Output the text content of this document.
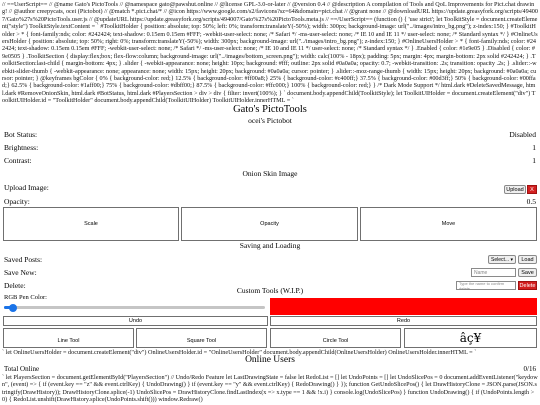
// ==UserScript== // @name Gato's PictoTools // @namespace gato@pawshut.online // @license GPL-3.0-or-later // @version 0.4 // @description A compilation of Tools and QoL Improvements for Pict.chat drawing! // @author creepycats, ocei (Pictobot) // @match *.pict.chat/* // @icon https://www.google.com/s2/favicons?sz=64&domain=pict.chat // @grant none // @downloadURL https://update.greasyfork.org/scripts/494007/Gato%27s%20PictoTools.user.js // @updateURL https://update.greasyfork.org/scripts/494007/Gato%27s%20PictoTools.meta.js // ==/UserScript== (function () { 'use strict'; let ToolkitStyle = document.createElement("style") ToolkitStyle.textContent = ` #ToolkitHolder { position: absolute; top: 50%; left: 0%; transform:translateY(-50%); width: 300px; background-image: url("../images/intro_bg.png"); z-index:150; } #ToolkitHolder > * { font-family:nds; color: #242424; text-shadow: 0.15em 0.15em #FFF; -webkit-user-select: none; /* Safari */ -ms-user-select: none; /* IE 10 and IE 11 */ user-select: none; /* Standard syntax */ } #OnlineUsersHolder { position: absolute; top: 50%; right: 0%; transform:translateY(-50%); width: 300px; background-image: url("../images/intro_bg.png"); z-index:150; } #OnlineUsersHolder > * { font-family:nds; color: #242424; text-shadow: 0.15em 0.15em #FFF; -webkit-user-select: none; /* Safari */ -ms-user-select: none; /* IE 10 and IE 11 */ user-select: none; /* Standard syntax */ } .Enabled { color: #1e9e05 } .Disabled { color: #9e0505 } .ToolkitSection { display:flex;box; flex-flow:column; background-image: url("../images/bottom_screen.png"); width: calc(100% - 18px); padding: 5px; margin: 4px; margin-bottom: 2px solid #242424; } .ToolkitSection:last-child { margin-bottom: 4px; } .slider { -webkit-appearance: none; height: 10px; background: #fff; outline: 2px solid #0a0a0a; opacity: 0.7; -webkit-transition: .2s; transition: opacity .2s; } .slider::-webkit-slider-thumb { -webkit-appearance: none; appearance: none; width: 15px; height: 20px; background: #0a0a0a; cursor: pointer; } .slider::-moz-range-thumb { width: 15px; height: 20px; background: #0a0a0a; cursor: pointer; } @keyframes bgColor { 0% { background-color: red;} 12.5% { background-color: #ff00a8;} 25% { background-color: #c400ff;} 37.5% { background-color: #00d3ff;} 50% { background-color: #00ffad;} 62.5% { background-color: #1aff00;} 75% { background-color: #dbff00;} 87.5% { background-color: #ffc000;} 100% { background-color: red;} } /* Dark Mode Support */ html.dark #DeleteSavedMessage, html.dark #RemoveOnionSkin, html.dark #BotStatus, html.dark #PlayersSection > div > div { filter: invert(100%); } ` document.body.appendChild(ToolkitStyle); let ToolkitUIHolder = document.createElement("div") ToolkitUIHolder.id = "ToolkitHolder" document.body.appendChild(ToolkitUIHolder) ToolkitUIHolder.innerHTML = `
Gato's PictoTools
ocei's Pictobot
Bot Status:	Disabled
Brightness:	1
Contrast:	1
Onion Skin Image
Upload Image:	Upload	X
Opacity:	0.5
Scale	Opacity	Move
Saving and Loading
Saved Posts:	Select... ▾	Load
Save New:	Name	Save
Delete:	Type the name to confirm delete	Delete
Custom Tools (W.I.P.)
RGB Pen Color:
Undo	Redo
Line Tool	Square Tool	Circle Tool	âç¥
` let OnlineUsersHolder = document.createElement("div") OnlineUsersHolder.id = "OnlineUsersHolder" document.body.appendChild(OnlineUsersHolder) OnlineUsersHolder.innerHTML = `
Online Users
Total Online	0/16
` let PlayersSection = document.getElementById("PlayersSection") // Undo/Redo Feature let LastDrawingState = false let RedoList = [] let UndoPoints = [] let UndoSlicePos = 0 document.addEventListener("keydown", (event) => { if (event.key == "z" && event.ctrlKey) { UndoDrawing() } if (event.key == "y" && event.ctrlKey) { RedoDrawing() } }); function GetUndoSlicePos() { let DrawHistoryClone = JSON.parse(JSON.stringify(DrawHistory)); DrawHistoryClone.splice(-1) UndoSlicePos = DrawHistoryClone.findLastIndex(x => x.type == 1 && !x.i) } console.log(UndoSlicePos) } function UndoDrawing() { if (UndoPoints.length > 0) { RedoList.unshift(DrawHistory.splice(UndoPoints.shift())) window.Redraw()
